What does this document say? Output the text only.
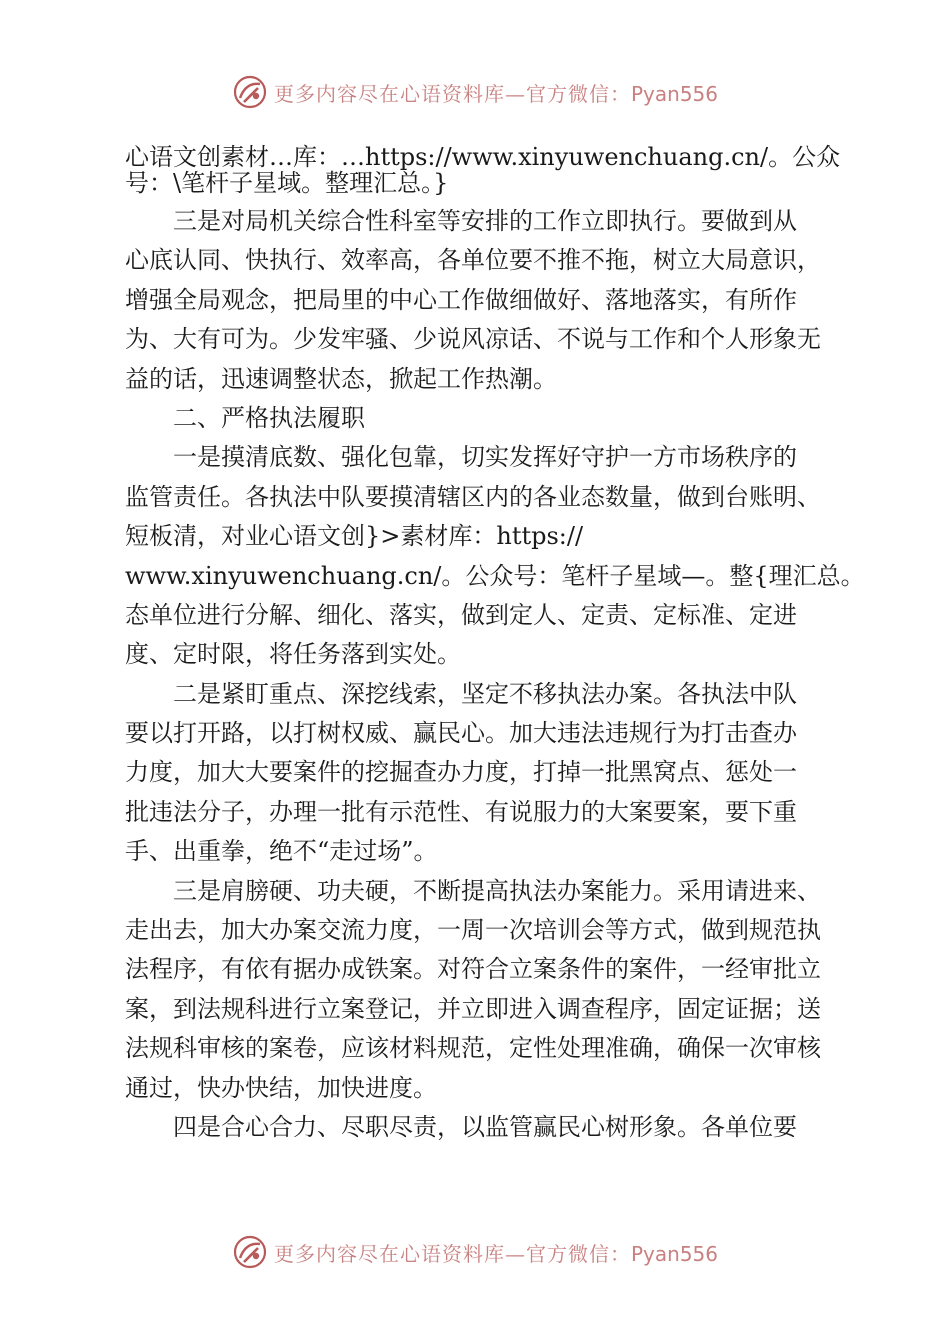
更多内容尽在心语资料库—官方微信：Pyan556
心语文创素材…库：…https://www.xinyuwenchuang.cn/。公众
号：\笔杆子星域。整理汇总。}
　　三是对局机关综合性科室等安排的工作立即执行。要做到从
心底认同、快执行、效率高，各单位要不推不拖，树立大局意识，
增强全局观念，把局里的中心工作做细做好、落地落实，有所作
为、大有可为。少发牢骚、少说风凉话、不说与工作和个人形象无
益的话，迅速调整状态，掀起工作热潮。
　　二、严格执法履职
　　一是摸清底数、强化包靠，切实发挥好守护一方市场秩序的
监管责任。各执法中队要摸清辖区内的各业态数量，做到台账明、
短板清，对业心语文创}>素材库：https://
www.xinyuwenchuang.cn/。公众号：笔杆子星域—。整{理汇总。
态单位进行分解、细化、落实，做到定人、定责、定标准、定进
度、定时限，将任务落到实处。
　　二是紧盯重点、深挖线索，坚定不移执法办案。各执法中队
要以打开路，以打树权威、赢民心。加大违法违规行为打击查办
力度，加大大要案件的挖掘查办力度，打掉一批黑窝点、惩处一
批违法分子，办理一批有示范性、有说服力的大案要案，要下重
手、出重拳，绝不“走过场”。
　　三是肩膀硬、功夫硬，不断提高执法办案能力。采用请进来、
走出去，加大办案交流力度，一周一次培训会等方式，做到规范执
法程序，有依有据办成铁案。对符合立案条件的案件，一经审批立
案，到法规科进行立案登记，并立即进入调查程序，固定证据；送
法规科审核的案卷，应该材料规范，定性处理准确，确保一次审核
通过，快办快结，加快进度。
　　四是合心合力、尽职尽责，以监管赢民心树形象。各单位要
更多内容尽在心语资料库—官方微信：Pyan556
